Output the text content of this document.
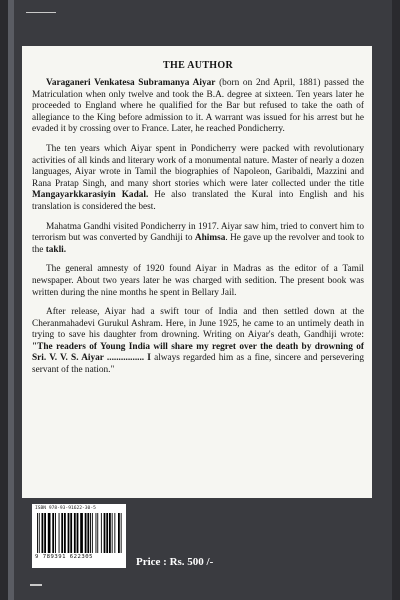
THE AUTHOR

Varaganeri Venkatesa Subramanya Aiyar (born on 2nd April, 1881) passed the Matriculation when only twelve and took the B.A. degree at sixteen. Ten years later he proceeded to England where he qualified for the Bar but refused to take the oath of allegiance to the King before admission to it. A warrant was issued for his arrest but he evaded it by crossing over to France. Later, he reached Pondicherry.

The ten years which Aiyar spent in Pondicherry were packed with revolutionary activities of all kinds and literary work of a monumental nature. Master of nearly a dozen languages, Aiyar wrote in Tamil the biographies of Napoleon, Garibaldi, Mazzini and Rana Pratap Singh, and many short stories which were later collected under the title Mangayarkkarasiyin Kadal. He also translated the Kural into English and his translation is considered the best.

Mahatma Gandhi visited Pondicherry in 1917. Aiyar saw him, tried to convert him to terrorism but was converted by Gandhiji to Ahimsa. He gave up the revolver and took to the takli.

The general amnesty of 1920 found Aiyar in Madras as the editor of a Tamil newspaper. About two years later he was charged with sedition. The present book was written during the nine months he spent in Bellary Jail.

After release, Aiyar had a swift tour of India and then settled down at the Cheranmahadevi Gurukul Ashram. Here, in June 1925, he came to an untimely death in trying to save his daughter from drowning. Writing on Aiyar's death, Gandhiji wrote: "The readers of Young India will share my regret over the death by drowning of Sri. V. V. S. Aiyar ................ I always regarded him as a fine, sincere and persevering servant of the nation."

ISBN 978-93-91622-30-5
9 789391 622305	Price : Rs. 500 /-
